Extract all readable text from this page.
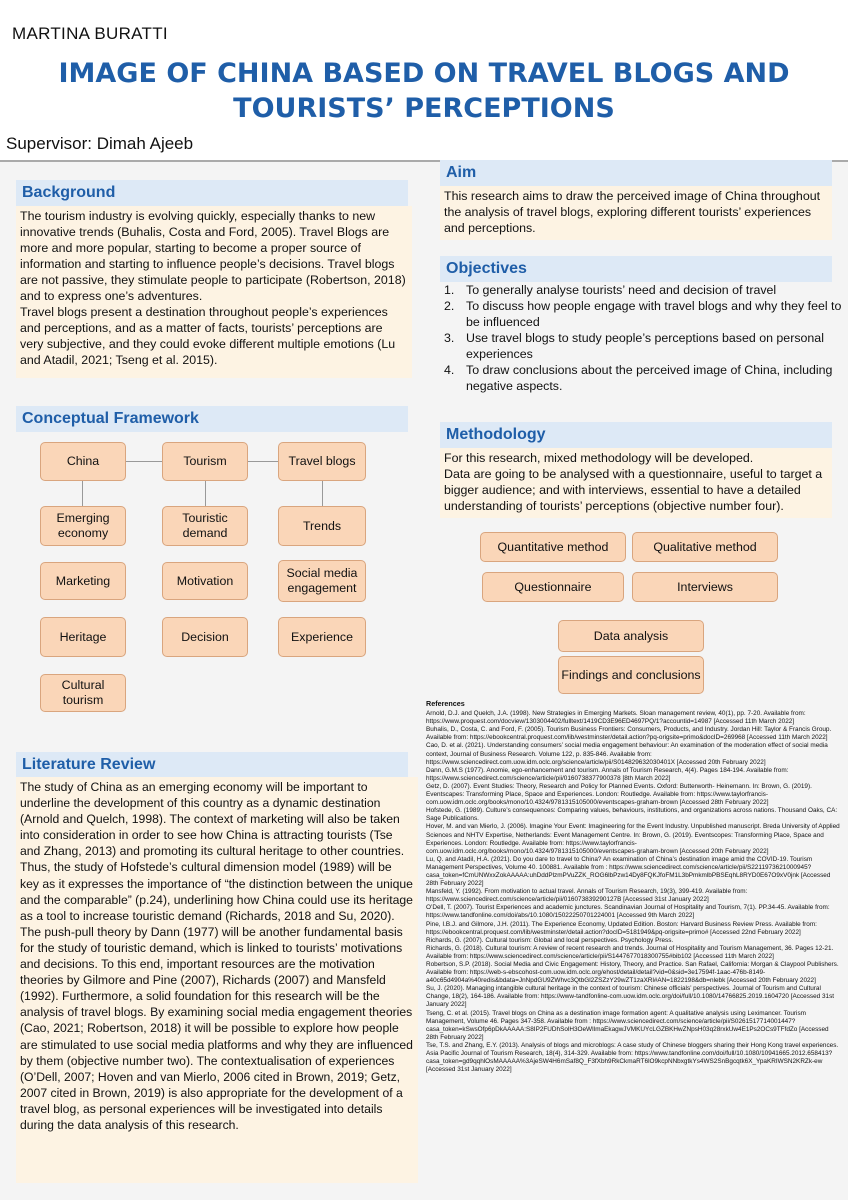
MARTINA BURATTI
IMAGE OF CHINA BASED ON TRAVEL BLOGS AND
TOURISTS’ PERCEPTIONS
Supervisor: Dimah Ajeeb
Background

The tourism industry is evolving quickly, especially thanks to new innovative trends (Buhalis, Costa and Ford, 2005). Travel Blogs are more and more popular, starting to become a proper source of information and starting to influence people’s decisions. Travel blogs are not passive, they stimulate people to participate (Robertson, 2018) and to express one’s adventures.

Travel blogs present a destination throughout people’s experiences and perceptions, and as a matter of facts, tourists’ perceptions are very subjective, and they could evoke different multiple emotions (Lu and Atadil, 2021; Tseng et al. 2015).

Aim
This research aims to draw the perceived image of China throughout the analysis of travel blogs, exploring different tourists’ experiences and perceptions.
Objectives
1. To generally analyse tourists’ need and decision of travel
2. To discuss how people engage with travel blogs and why they feel to be influenced
3. Use travel blogs to study people’s perceptions based on personal experiences
4. To draw conclusions about the perceived image of China, including negative aspects.
Conceptual Framework
China
Emerging economy
Marketing
Heritage
Cultural tourism
Tourism
Touristic demand
Motivation
Decision
Travel blogs
Trends
Social media engagement
Experience
Methodology

For this research, mixed methodology will be developed.

Data are going to be analysed with a questionnaire, useful to target a bigger audience; and with interviews, essential to have a detailed understanding of tourists’ perceptions (objective number four).

Quantitative method	Qualitative method
Questionnaire	Interviews
Data analysis
Findings and conclusions
Literature Review
The study of China as an emerging economy will be important to underline the development of this country as a dynamic destination (Arnold and Quelch, 1998). The context of marketing will also be taken into consideration in order to see how China is attracting tourists (Tse and Zhang, 2013) and promoting its cultural heritage to other countries. Thus, the study of Hofstede’s cultural dimension model (1989) will be key as it expresses the importance of “the distinction between the unique and the comparable” (p.24), underlining how China could use its heritage as a tool to increase touristic demand (Richards, 2018 and Su, 2020). The push-pull theory by Dann (1977) will be another fundamental basis for the study of touristic demand, which is linked to tourists’ motivations and decisions. To this end, important resources are the motivation theories by Gilmore and Pine (2007), Richards (2007) and Mansfeld (1992). Furthermore, a solid foundation for this research will be the analysis of travel blogs. By examining social media engagement theories (Cao, 2021; Robertson, 2018) it will be possible to explore how people are stimulated to use social media platforms and why they are influenced by them (objective number two). The contextualisation of experiences (O’Dell, 2007; Hoven and van Mierlo, 2006 cited in Brown, 2019; Getz, 2007 cited in Brown, 2019) is also appropriate for the development of a travel blog, as personal experiences will be investigated into details during the data analysis of this research.
References

Arnold, D.J. and Quelch, J.A. (1998). New Strategies in Emerging Markets. Sloan management review, 40(1), pp. 7-20. Available from: https://www.proquest.com/docview/1303004402/fulltext/1419CD3E96ED4697PQ/1?accountid=14987 [Accessed 11th March 2022]

Buhalis, D., Costa, C. and Ford, F. (2005). Tourism Business Frontiers: Consumers, Products, and Industry. Jordan Hill: Taylor & Francis Group. Available from: https://ebookcentral.proquest.com/lib/westminster/detail.action?pq-origsite=primo&docID=269968 [Accessed 11th March 2022]

Cao, D. et al. (2021). Understanding consumers’ social media engagement behaviour: An examination of the moderation effect of social media context, Journal of Business Research. Volume 122, p. 835-846. Available from: https://www.sciencedirect.com.uow.idm.oclc.org/science/article/pii/S014829632030401X [Accessed 20th February 2022]

Dann, G.M.S (1977). Anomie, ego-enhancement and tourism. Annals of Tourism Research, 4(4). Pages 184-194. Available from: https://www.sciencedirect.com/science/article/pii/0160738377900378 [8th March 2022]

Getz, D. (2007). Event Studies: Theory, Research and Policy for Planned Events. Oxford: Butterworth- Heinemann. In: Brown, G. (2019). Eventscapes: Transforming Place, Space and Experiences. London: Routledge. Available from: https://www.taylorfrancis-com.uow.idm.oclc.org/books/mono/10.4324/9781315105000/eventscapes-graham-brown [Accessed 28th February 2022]

Hofstede, G. (1989). Culture’s consequences: Comparing values, behaviours, institutions, and organizations across nations. Thousand Oaks, CA: Sage Publications.

Hover, M. and van Mierlo, J. (2006). Imagine Your Event: Imagineering for the Event Industry. Unpublished manuscript. Breda University of Applied Sciences and NHTV Expertise, Netherlands: Event Management Centre. In: Brown, G. (2019). Eventscopes: Transforming Place, Space and Experiences. London: Routledge. Available from: https://www.taylorfrancis-com.uow.idm.oclc.org/books/mono/10.4324/9781315105000/eventscapes-graham-brown [Accessed 20th February 2022]

Lu, Q. and Atadil, H.A. (2021). Do you dare to travel to China? An examination of China’s destination image amid the COVID-19. Tourism Management Perspectives, Volume 40. 100881. Available from : https://www.sciencedirect.com/science/article/pii/S2211973621000945?casa_token=fCmUNWxxZokAAAAA:uhDddPlzmPVuZZK_ROG6lbPzw14Dy8FQKJfoFM1L3bPmkmlbPBSEqhL8RYD0E67O9xV0jnk [Accessed 28th February 2022]

Mansfeld, Y. (1992). From motivation to actual travel. Annals of Tourism Research, 19(3), 399-419. Available from: https://www.sciencedirect.com/science/article/pii/016073839290127B [Accessed 31st January 2022]

O’Dell, T. (2007). Tourist Experiences and academic junctures. Scandinavian Journal of Hospitality and Tourism, 7(1). PP.34-45. Available from: https://www.tandfonline.com/doi/abs/10.1080/15022250701224001 [Accessed 9th March 2022]

Pine, I.B.J. and Gilmore, J.H. (2011). The Experience Economy, Updated Edition. Boston: Harvard Business Review Press. Available from: https://ebookcentral.proquest.com/lib/westminster/detail.action?docID=5181949&pq-origsite=primo# [Accessed 22nd February 2022]

Richards, G. (2007). Cultural tourism: Global and local perspectives. Psychology Press.

Richards, G. (2018). Cultural tourism: A review of recent research and trends. Journal of Hospitality and Tourism Management, 36. Pages 12-21. Available from: https://www.sciencedirect.com/science/article/pii/S1447677018300755#bib102 [Accessed 11th March 2022]

Robertson, S.P. (2018). Social Media and Civic Engagement: History, Theory, and Practice. San Rafael, California: Morgan & Claypool Publishers. Available from: https://web-s-ebscohost-com.uow.idm.oclc.org/ehost/detail/detail?vid=0&sid=3e17594f-1aac-476b-8149-a40c65d4904a%40redis&bdata=JnNpdGU9ZWhvc3QtbGl2ZSZzY29wZT1zaXRl#AN=1822198&db=nlebk [Accessed 20th February 2022]

Su, J. (2020). Managing intangible cultural heritage in the context of tourism: Chinese officials’ perspectives. Journal of Tourism and Cultural Change, 18(2), 164-186. Available from: https://www-tandfonline-com.uow.idm.oclc.org/doi/full/10.1080/14766825.2019.1604720 [Accessed 31st January 2022]

Tseng, C. et al. (2015). Travel blogs on China as a destination image formation agent: A qualitative analysis using Leximancer. Tourism Management, Volume 46. Pages 347-358. Available from : https://www.sciencedirect.com/science/article/pii/S0261517714001447?casa_token=kSwsOfp6pDkAAAAA:S8IP2FUDhSolH3OeWIlmaEkagwJVMKUYcLGZBKHwZNpsH03q28rxkUw4E1Ps2OCs9TFfdZo [Accessed 28th February 2022]

Tse, T.S. and Zhang, E.Y. (2013). Analysis of blogs and microblogs: A case study of Chinese bloggers sharing their Hong Kong travel experiences. Asia Pacific Journal of Tourism Research, 18(4), 314-329. Available from: https://www.tandfonline.com/doi/full/10.1080/10941665.2012.658413?casa_token=gd9qqhlOsMAAAAA%3AjeSW4H6mSaf8Q_F3fXbh9RkCkmaRT6lO9kcpNNbxgtkYs4WS2SnBgcqtk6X_YpaKRIWSN2KRZk-ew [Accessed 31st January 2022]
